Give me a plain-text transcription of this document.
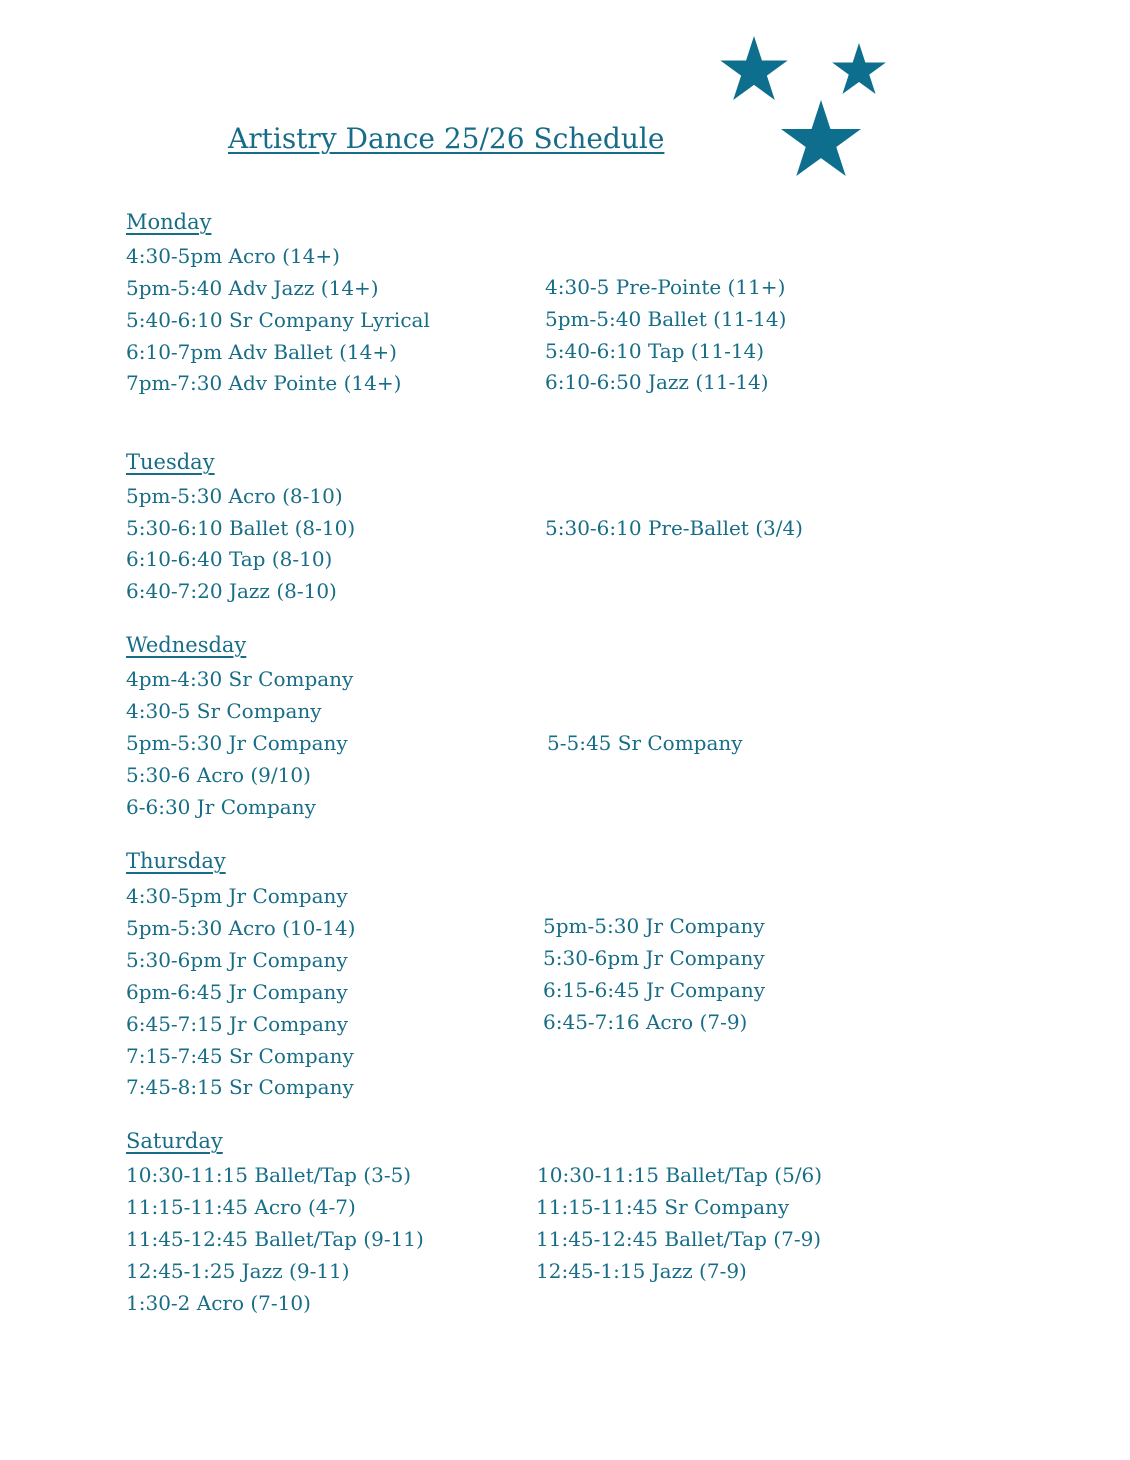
Artistry Dance 25/26 Schedule
Monday
4:30-5pm Acro (14+)
5pm-5:40 Adv Jazz (14+)
5:40-6:10 Sr Company Lyrical
6:10-7pm Adv Ballet (14+)
7pm-7:30 Adv Pointe (14+)
4:30-5 Pre-Pointe (11+)
5pm-5:40 Ballet (11-14)
5:40-6:10 Tap (11-14)
6:10-6:50 Jazz (11-14)
Tuesday
5pm-5:30 Acro (8-10)
5:30-6:10 Ballet (8-10)
6:10-6:40 Tap (8-10)
6:40-7:20 Jazz (8-10)
5:30-6:10 Pre-Ballet (3/4)
Wednesday
4pm-4:30 Sr Company
4:30-5 Sr Company
5pm-5:30 Jr Company
5:30-6 Acro (9/10)
6-6:30 Jr Company
5-5:45 Sr Company
Thursday
4:30-5pm Jr Company
5pm-5:30 Acro (10-14)
5:30-6pm Jr Company
6pm-6:45 Jr Company
6:45-7:15 Jr Company
7:15-7:45 Sr Company
7:45-8:15 Sr Company
5pm-5:30 Jr Company
5:30-6pm Jr Company
6:15-6:45 Jr Company
6:45-7:16 Acro (7-9)
Saturday
10:30-11:15 Ballet/Tap (3-5)
11:15-11:45 Acro (4-7)
11:45-12:45 Ballet/Tap (9-11)
12:45-1:25 Jazz (9-11)
1:30-2 Acro (7-10)
10:30-11:15 Ballet/Tap (5/6)
11:15-11:45 Sr Company
11:45-12:45 Ballet/Tap (7-9)
12:45-1:15 Jazz (7-9)
